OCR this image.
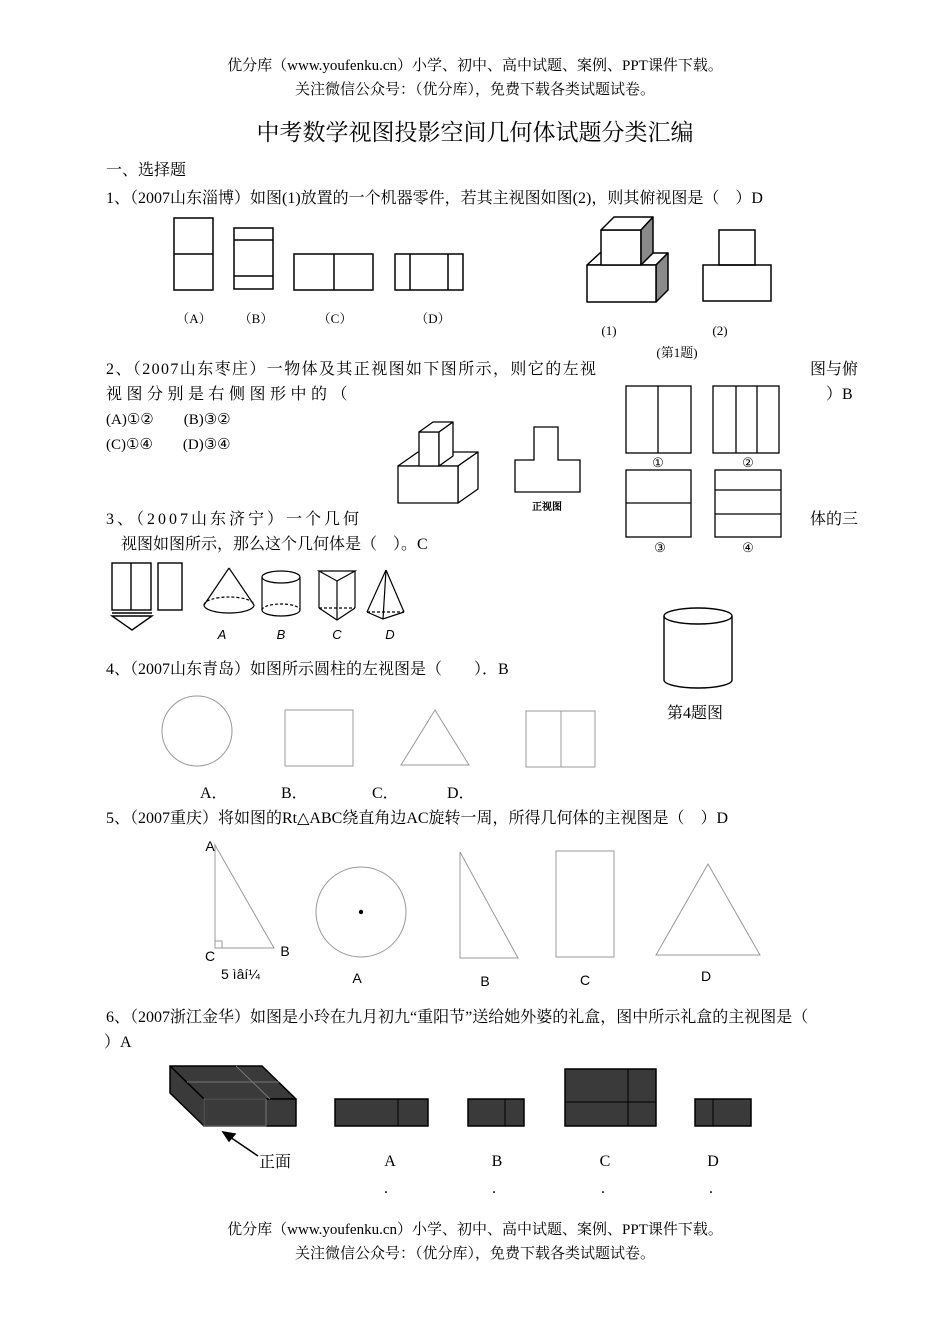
优分库（www.youfenku.cn）小学、初中、高中试题、案例、PPT课件下载。
关注微信公众号：（优分库），免费下载各类试题试卷。
中考数学视图投影空间几何体试题分类汇编
一、选择题
1、（2007山东淄博）如图(1)放置的一个机器零件，若其主视图如图(2)，则其俯视图是（　）D
（A）	（B）	（C）	（D）
(1)	(2)
(第1题)
2、（2007山东枣庄）一物体及其正视图如下图所示，则它的左视	图与俯
视图分别是右侧图形中的（	）B
(A)①②　　(B)③②
(C)①④　　(D)③④
正视图
①	②
③	④
3、（2007山东济宁）一个几何	体的三
视图如图所示，那么这个几何体是（　）。C
A	B	C	D
4、（2007山东青岛）如图所示圆柱的左视图是（　　）．B
第4题图
A．	B．	C．	D．
5、（2007重庆）将如图的Rt△ABC绕直角边AC旋转一周，所得几何体的主视图是（　）D
A
C	B
5 ìâí¼	A	B	C	D
6、（2007浙江金华）如图是小玲在九月初九“重阳节”送给她外婆的礼盒，图中所示礼盒的主视图是（
）A
正面	A	B	C	D
.	.	.	.
优分库（www.youfenku.cn）小学、初中、高中试题、案例、PPT课件下载。
关注微信公众号：（优分库），免费下载各类试题试卷。
